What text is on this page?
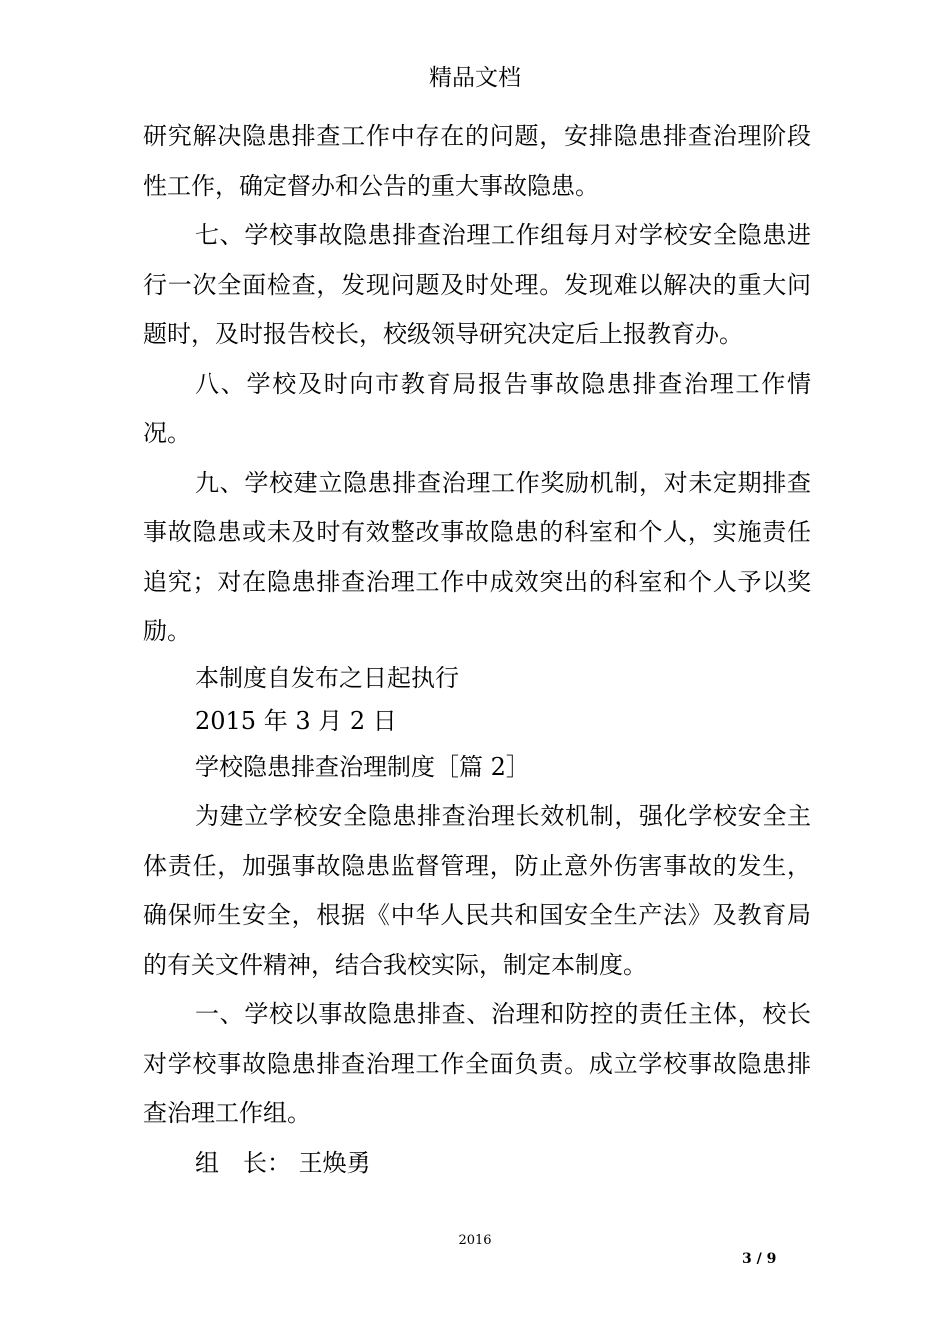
精品文档

研究解决隐患排查工作中存在的问题，安排隐患排查治理阶段性工作，确定督办和公告的重大事故隐患。

七、学校事故隐患排查治理工作组每月对学校安全隐患进行一次全面检查，发现问题及时处理。发现难以解决的重大问题时，及时报告校长，校级领导研究决定后上报教育办。

八、学校及时向市教育局报告事故隐患排查治理工作情况。

九、学校建立隐患排查治理工作奖励机制，对未定期排查事故隐患或未及时有效整改事故隐患的科室和个人，实施责任追究；对在隐患排查治理工作中成效突出的科室和个人予以奖励。

本制度自发布之日起执行

2015 年 3 月 2 日

学校隐患排查治理制度［篇 2］

为建立学校安全隐患排查治理长效机制，强化学校安全主体责任，加强事故隐患监督管理，防止意外伤害事故的发生，确保师生安全，根据《中华人民共和国安全生产法》及教育局的有关文件精神，结合我校实际，制定本制度。

一、学校以事故隐患排查、治理和防控的责任主体，校长对学校事故隐患排查治理工作全面负责。成立学校事故隐患排查治理工作组。

组　长： 王焕勇

2016
3 / 9
